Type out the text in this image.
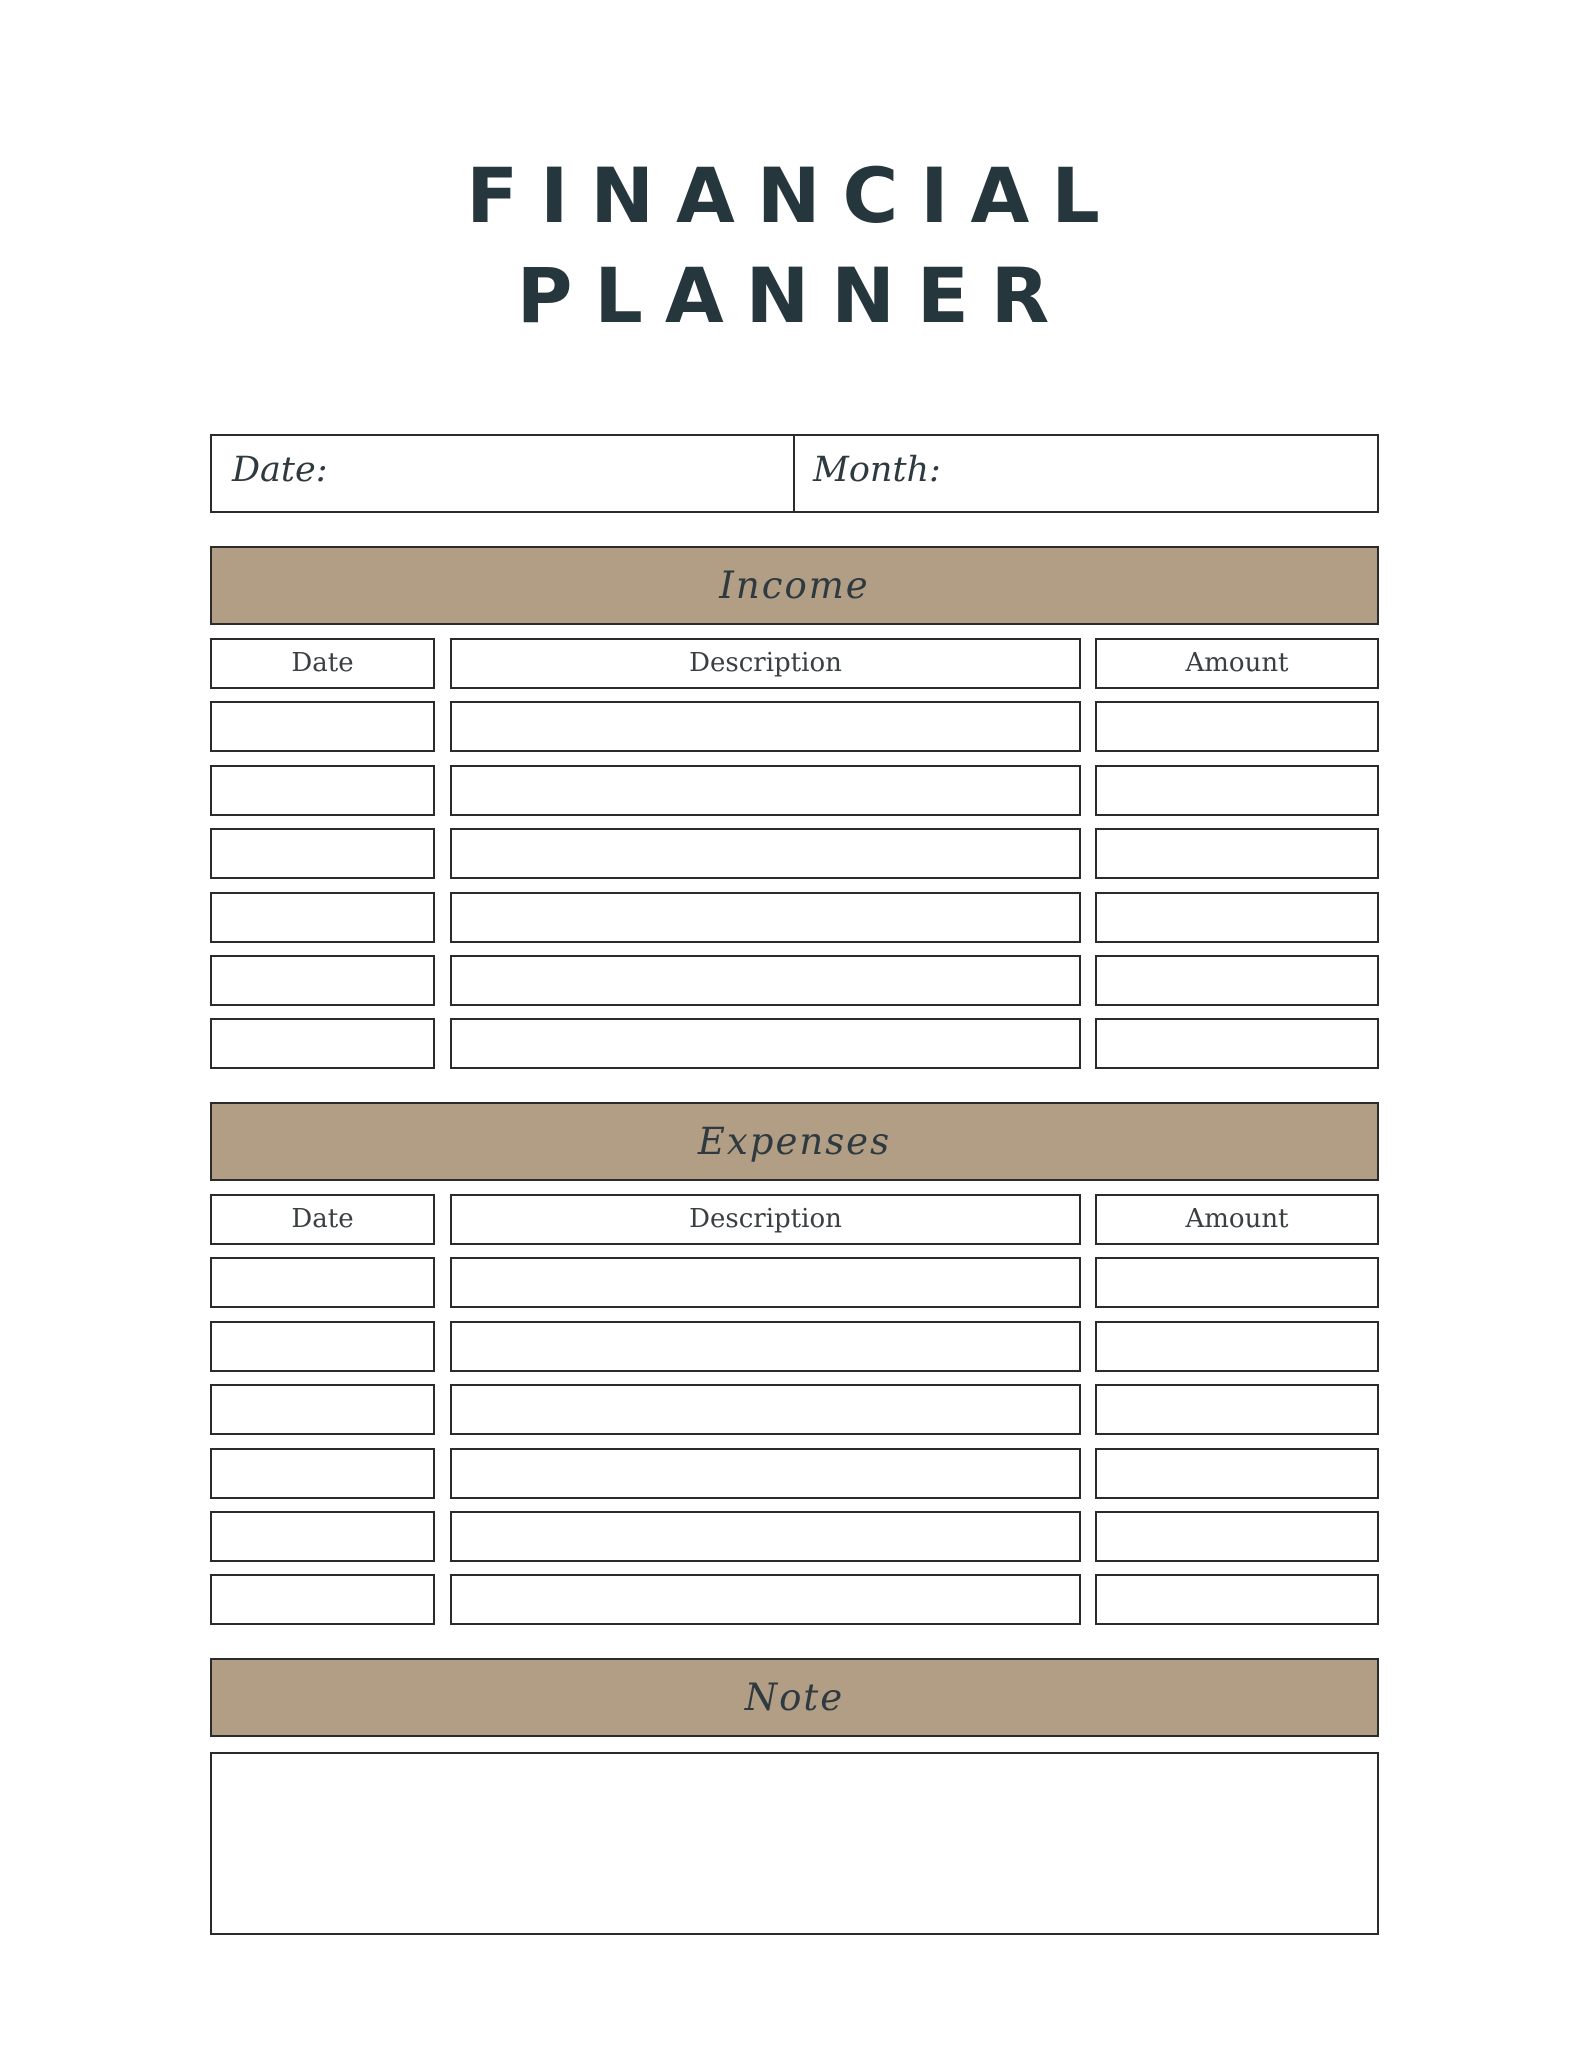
FINANCIAL
PLANNER
Date:	Month:
Income
Date	Description	Amount
Expenses
Date	Description	Amount
Note
